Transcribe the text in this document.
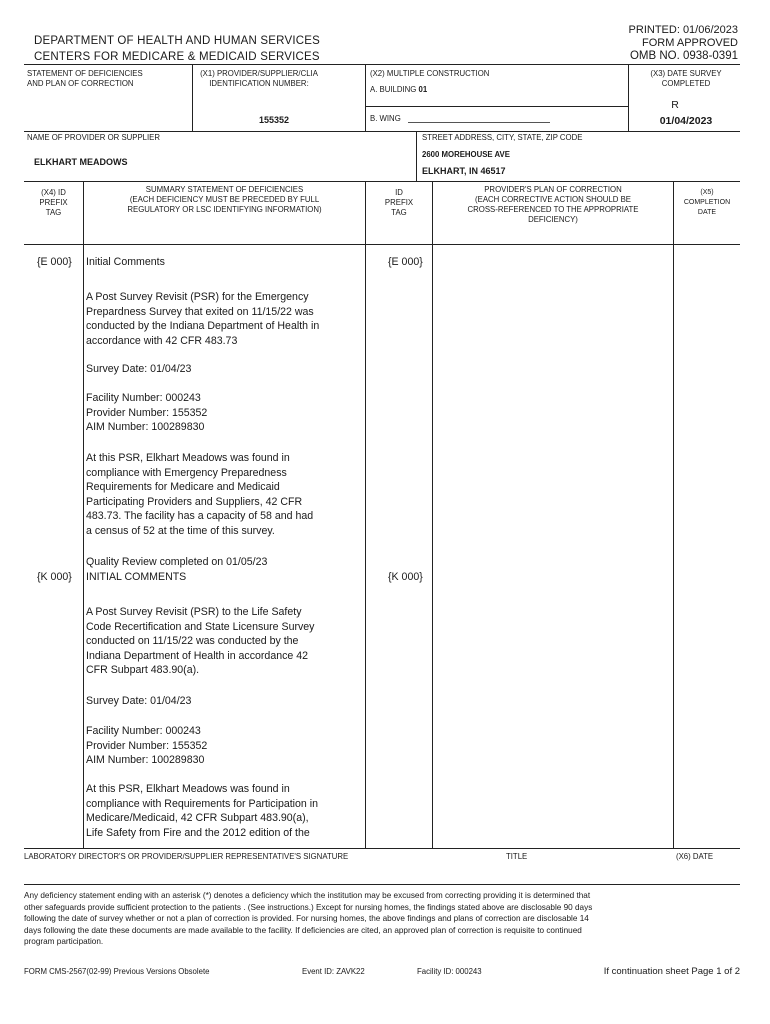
DEPARTMENT OF HEALTH AND HUMAN SERVICES
CENTERS FOR MEDICARE & MEDICAID SERVICES
PRINTED: 01/06/2023
FORM APPROVED
OMB NO. 0938-0391
STATEMENT OF DEFICIENCIES
AND PLAN OF CORRECTION
(X1) PROVIDER/SUPPLIER/CLIA
IDENTIFICATION NUMBER:
155352
(X2) MULTIPLE CONSTRUCTION
A. BUILDING 01
B. WING
(X3) DATE SURVEY
COMPLETED
R
01/04/2023
NAME OF PROVIDER OR SUPPLIER
ELKHART MEADOWS
STREET ADDRESS, CITY, STATE, ZIP CODE
2600 MOREHOUSE AVE
ELKHART, IN 46517
(X4) ID
PREFIX
TAG
SUMMARY STATEMENT OF DEFICIENCIES
(EACH DEFICIENCY MUST BE PRECEDED BY FULL
REGULATORY OR LSC IDENTIFYING INFORMATION)
ID
PREFIX
TAG
PROVIDER'S PLAN OF CORRECTION
(EACH CORRECTIVE ACTION SHOULD BE
CROSS-REFERENCED TO THE APPROPRIATE
DEFICIENCY)
(X5)
COMPLETION
DATE
{E 000} Initial Comments	{E 000}
A Post Survey Revisit (PSR) for the Emergency
Prepardness Survey that exited on 11/15/22 was
conducted by the Indiana Department of Health in
accordance with 42 CFR 483.73
Survey Date: 01/04/23
Facility Number: 000243
Provider Number: 155352
AIM Number: 100289830
At this PSR, Elkhart Meadows was found in
compliance with Emergency Preparedness
Requirements for Medicare and Medicaid
Participating Providers and Suppliers, 42 CFR
483.73. The facility has a capacity of 58 and had
a census of 52 at the time of this survey.
Quality Review completed on 01/05/23
{K 000} INITIAL COMMENTS	{K 000}
A Post Survey Revisit (PSR) to the Life Safety
Code Recertification and State Licensure Survey
conducted on 11/15/22 was conducted by the
Indiana Department of Health in accordance 42
CFR Subpart 483.90(a).
Survey Date: 01/04/23
Facility Number: 000243
Provider Number: 155352
AIM Number: 100289830
At this PSR, Elkhart Meadows was found in
compliance with Requirements for Participation in
Medicare/Medicaid, 42 CFR Subpart 483.90(a),
Life Safety from Fire and the 2012 edition of the
LABORATORY DIRECTOR'S OR PROVIDER/SUPPLIER REPRESENTATIVE'S SIGNATURE	TITLE	(X6) DATE
Any deficiency statement ending with an asterisk (*) denotes a deficiency which the institution may be excused from correcting providing it is determined that
other safeguards provide sufficient protection to the patients . (See instructions.) Except for nursing homes, the findings stated above are disclosable 90 days
following the date of survey whether or not a plan of correction is provided. For nursing homes, the above findings and plans of correction are disclosable 14
days following the date these documents are made available to the facility. If deficiencies are cited, an approved plan of correction is requisite to continued
program participation.
FORM CMS-2567(02-99) Previous Versions Obsolete	Event ID: ZAVK22	Facility ID: 000243	If continuation sheet Page 1 of 2
